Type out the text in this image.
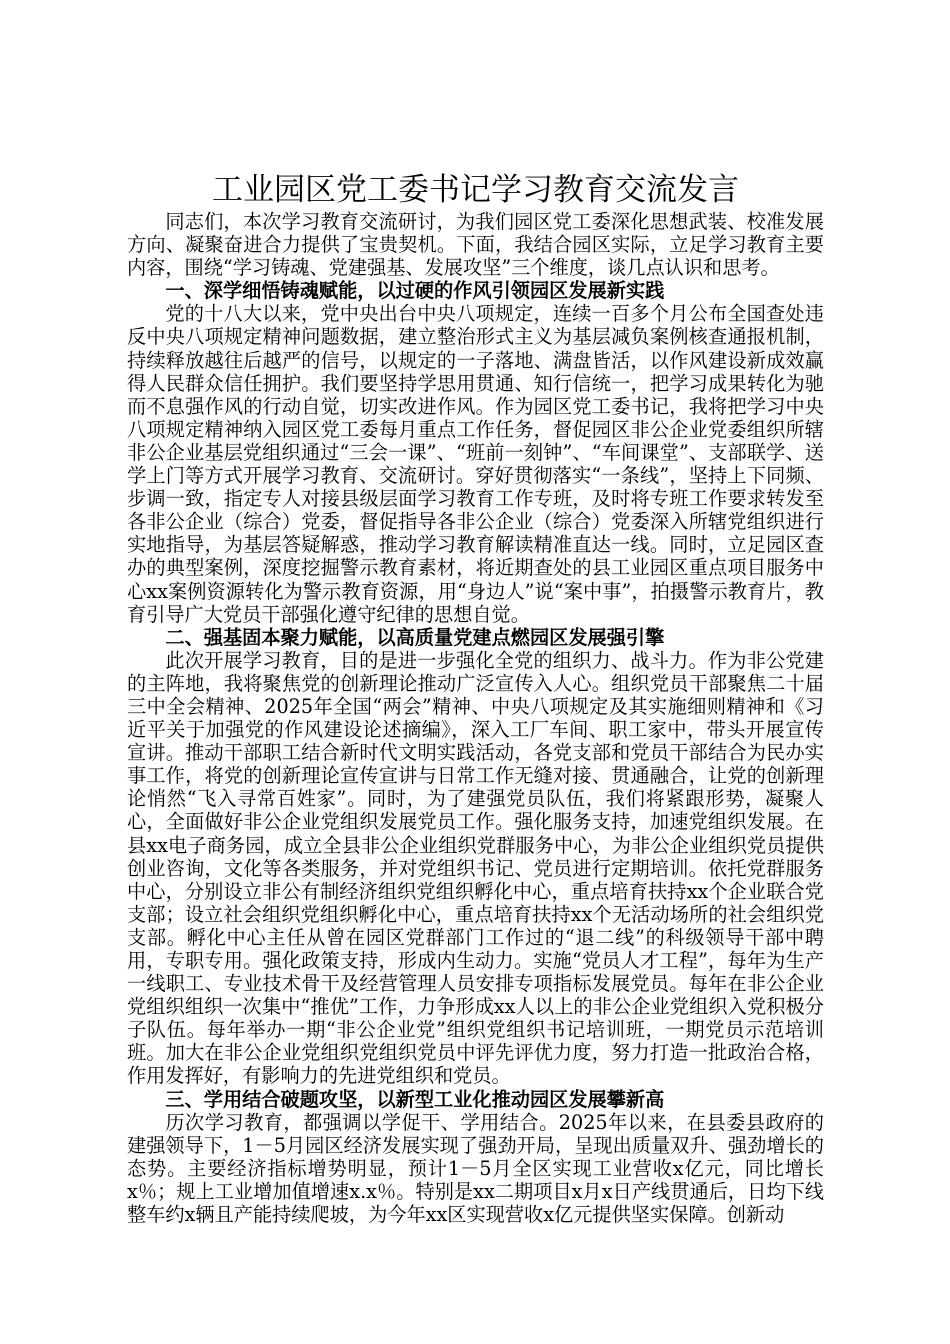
工业园区党工委书记学习教育交流发言

同志们，本次学习教育交流研讨，为我们园区党工委深化思想武装、校准发展方向、凝聚奋进合力提供了宝贵契机。下面，我结合园区实际，立足学习教育主要内容，围绕“学习铸魂、党建强基、发展攻坚”三个维度，谈几点认识和思考。

一、深学细悟铸魂赋能，以过硬的作风引领园区发展新实践

党的十八大以来，党中央出台中央八项规定，连续一百多个月公布全国查处违反中央八项规定精神问题数据，建立整治形式主义为基层减负案例核查通报机制，持续释放越往后越严的信号，以规定的一子落地、满盘皆活，以作风建设新成效赢得人民群众信任拥护。我们要坚持学思用贯通、知行信统一，把学习成果转化为驰而不息强作风的行动自觉，切实改进作风。作为园区党工委书记，我将把学习中央八项规定精神纳入园区党工委每月重点工作任务，督促园区非公企业党委组织所辖非公企业基层党组织通过“三会一课”、“班前一刻钟”、“车间课堂”、支部联学、送学上门等方式开展学习教育、交流研讨。穿好贯彻落实“一条线”，坚持上下同频、步调一致，指定专人对接县级层面学习教育工作专班，及时将专班工作要求转发至各非公企业（综合）党委，督促指导各非公企业（综合）党委深入所辖党组织进行实地指导，为基层答疑解惑，推动学习教育解读精准直达一线。同时，立足园区查办的典型案例，深度挖掘警示教育素材，将近期查处的县工业园区重点项目服务中心xx案例资源转化为警示教育资源，用“身边人”说“案中事”，拍摄警示教育片，教育引导广大党员干部强化遵守纪律的思想自觉。

二、强基固本聚力赋能，以高质量党建点燃园区发展强引擎

此次开展学习教育，目的是进一步强化全党的组织力、战斗力。作为非公党建的主阵地，我将聚焦党的创新理论推动广泛宣传入人心。组织党员干部聚焦二十届三中全会精神、2025年全国“两会”精神、中央八项规定及其实施细则精神和《习近平关于加强党的作风建设论述摘编》，深入工厂车间、职工家中，带头开展宣传宣讲。推动干部职工结合新时代文明实践活动，各党支部和党员干部结合为民办实事工作，将党的创新理论宣传宣讲与日常工作无缝对接、贯通融合，让党的创新理论悄然“飞入寻常百姓家”。同时，为了建强党员队伍，我们将紧跟形势，凝聚人心，全面做好非公企业党组织发展党员工作。强化服务支持，加速党组织发展。在县xx电子商务园，成立全县非公企业组织党群服务中心，为非公企业组织党员提供创业咨询，文化等各类服务，并对党组织书记、党员进行定期培训。依托党群服务中心，分别设立非公有制经济组织党组织孵化中心，重点培育扶持xx个企业联合党支部；设立社会组织党组织孵化中心，重点培育扶持xx个无活动场所的社会组织党支部。孵化中心主任从曾在园区党群部门工作过的“退二线”的科级领导干部中聘用，专职专用。强化政策支持，形成内生动力。实施“党员人才工程”，每年为生产一线职工、专业技术骨干及经营管理人员安排专项指标发展党员。每年在非公企业党组织组织一次集中“推优”工作，力争形成xx人以上的非公企业党组织入党积极分子队伍。每年举办一期“非公企业党”组织党组织书记培训班，一期党员示范培训班。加大在非公企业党组织党组织党员中评先评优力度，努力打造一批政治合格，作用发挥好，有影响力的先进党组织和党员。

三、学用结合破题攻坚，以新型工业化推动园区发展攀新高

历次学习教育，都强调以学促干、学用结合。2025年以来，在县委县政府的建强领导下，1－5月园区经济发展实现了强劲开局，呈现出质量双升、强劲增长的态势。主要经济指标增势明显，预计1－5月全区实现工业营收x亿元，同比增长x％；规上工业增加值增速x.x％。特别是xx二期项目x月x日产线贯通后，日均下线整车约x辆且产能持续爬坡，为今年xx区实现营收x亿元提供坚实保障。创新动
